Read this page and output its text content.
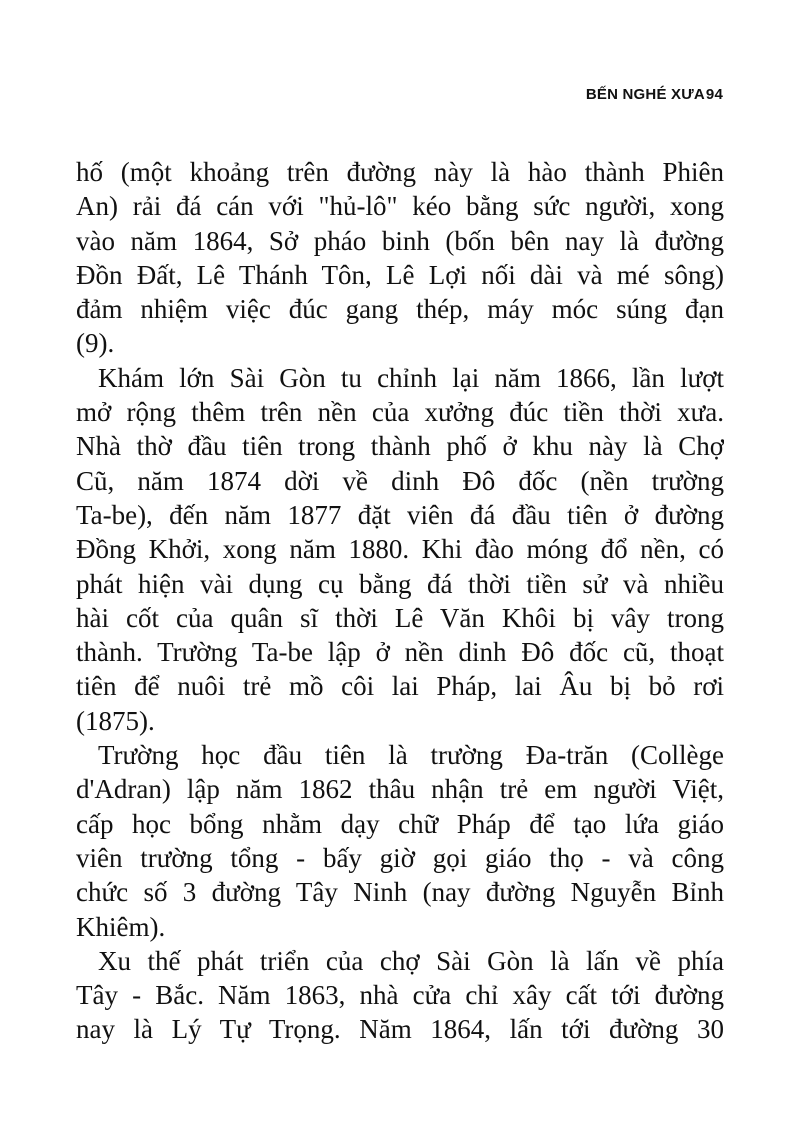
BẾN NGHÉ XƯA94
hố (một khoảng trên đường này là hào thành Phiên
An) rải đá cán với "hủ-lô" kéo bằng sức người, xong
vào năm 1864, Sở pháo binh (bốn bên nay là đường
Đồn Đất, Lê Thánh Tôn, Lê Lợi nối dài và mé sông)
đảm nhiệm việc đúc gang thép, máy móc súng đạn
(9).
Khám lớn Sài Gòn tu chỉnh lại năm 1866, lần lượt
mở rộng thêm trên nền của xưởng đúc tiền thời xưa.
Nhà thờ đầu tiên trong thành phố ở khu này là Chợ
Cũ, năm 1874 dời về dinh Đô đốc (nền trường
Ta-be), đến năm 1877 đặt viên đá đầu tiên ở đường
Đồng Khởi, xong năm 1880. Khi đào móng đổ nền, có
phát hiện vài dụng cụ bằng đá thời tiền sử và nhiều
hài cốt của quân sĩ thời Lê Văn Khôi bị vây trong
thành. Trường Ta-be lập ở nền dinh Đô đốc cũ, thoạt
tiên để nuôi trẻ mồ côi lai Pháp, lai Âu bị bỏ rơi
(1875).
Trường học đầu tiên là trường Đa-trăn (Collège
d'Adran) lập năm 1862 thâu nhận trẻ em người Việt,
cấp học bổng nhằm dạy chữ Pháp để tạo lứa giáo
viên trường tổng - bấy giờ gọi giáo thọ - và công
chức số 3 đường Tây Ninh (nay đường Nguyễn Bỉnh
Khiêm).
Xu thế phát triển của chợ Sài Gòn là lấn về phía
Tây - Bắc. Năm 1863, nhà cửa chỉ xây cất tới đường
nay là Lý Tự Trọng. Năm 1864, lấn tới đường 30
